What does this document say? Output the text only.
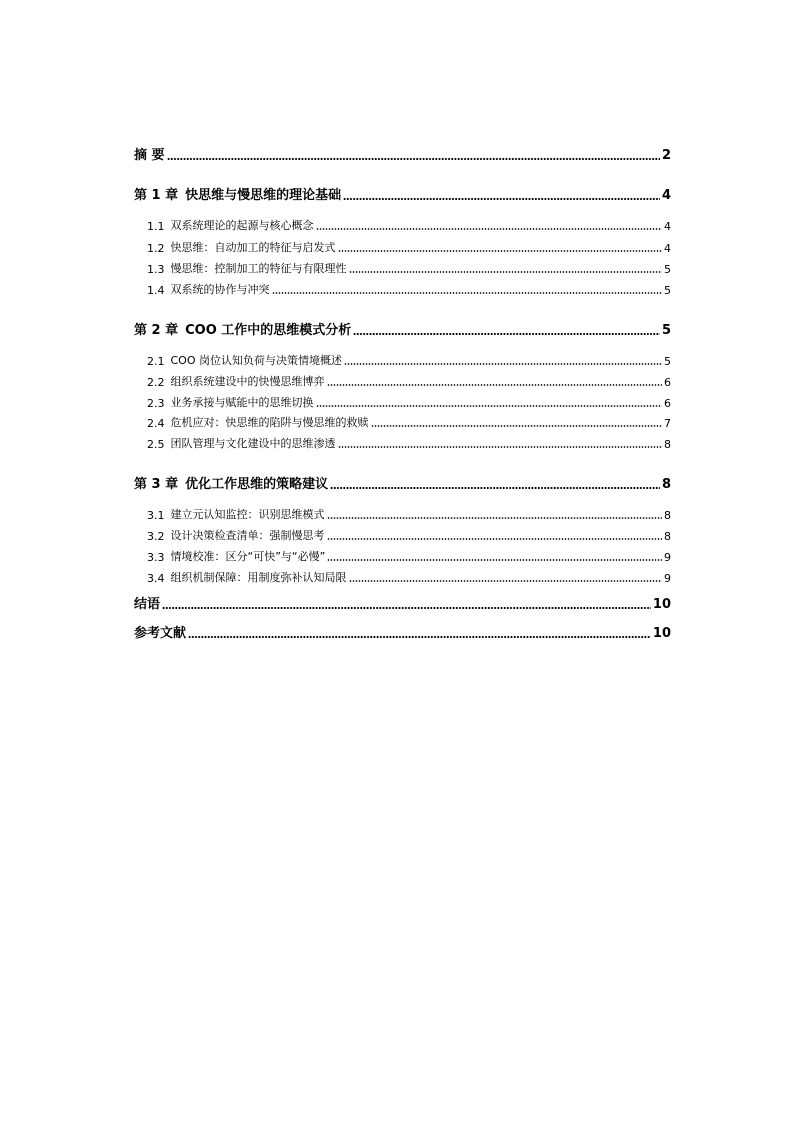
摘 要	2
第 1 章 快思维与慢思维的理论基础	4
1.1 双系统理论的起源与核心概念	4
1.2 快思维：自动加工的特征与启发式	4
1.3 慢思维：控制加工的特征与有限理性	5
1.4 双系统的协作与冲突	5
第 2 章 COO 工作中的思维模式分析	5
2.1 COO 岗位认知负荷与决策情境概述	5
2.2 组织系统建设中的快慢思维博弈	6
2.3 业务承接与赋能中的思维切换	6
2.4 危机应对：快思维的陷阱与慢思维的救赎	7
2.5 团队管理与文化建设中的思维渗透	8
第 3 章 优化工作思维的策略建议	8
3.1 建立元认知监控：识别思维模式	8
3.2 设计决策检查清单：强制慢思考	8
3.3 情境校准：区分“可快”与“必慢”	9
3.4 组织机制保障：用制度弥补认知局限	9
结语	10
参考文献	10
